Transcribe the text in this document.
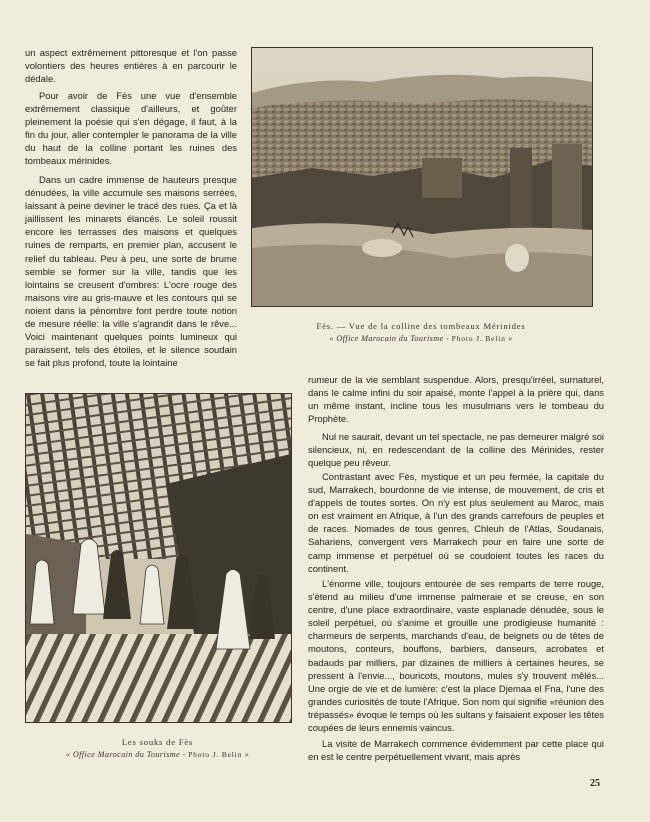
un aspect extrêmement pittoresque et l'on passe volontiers des heures entières à en parcourir le dédale.

Pour avoir de Fès une vue d'ensemble extrêmement classique d'ailleurs, et goûter pleinement la poésie qui s'en dégage, il faut, à la fin du jour, aller contempler le panorama de la ville du haut de la colline portant les ruines des tombeaux mérinides.

Dans un cadre immense de hauteurs presque dénudées, la ville accumule ses maisons serrées, laissant à peine deviner le tracé des rues. Ça et là jaillissent les minarets élancés. Le soleil roussit encore les terrasses des maisons et quelques ruines de remparts, en premier plan, accusent le relief du tableau. Peu à peu, une sorte de brume semble se former sur la ville, tandis que les lointains se creusent d'ombres: L'ocre rouge des maisons vire au gris-mauve et les contours qui se noient dans la pénombre font perdre toute notion de mesure réelle: la ville s'agrandit dans le rêve... Voici maintenant quelques points lumineux qui paraissent, tels des étoiles, et le silence soudain se fait plus profond, toute la lointaine

Fès. — Vue de la colline des tombeaux Mérinides
« Office Marocain du Tourisme - Photo J. Belin »

rumeur de la vie semblant suspendue. Alors, presqu'irréel, surnaturel, dans le calme infini du soir apaisé, monte l'appel à la prière qui, dans un même instant, incline tous les musulmans vers le tombeau du Prophète.

Nul ne saurait, devant un tel spectacle, ne pas demeurer malgré soi silencieux, ni, en redescendant de la colline des Mérinides, rester quelque peu rêveur.

Contrastant avec Fès, mystique et un peu fermée, la capitale du sud, Marrakech, bourdonne de vie intense, de mouvement, de cris et d'appels de toutes sortes. On n'y est plus seulement au Maroc, mais on est vraiment en Afrique, à l'un des grands carrefours de peuples et de races. Nomades de tous genres, Chleuh de l'Atlas, Soudanais, Sahariens, convergent vers Marrakech pour en faire une sorte de camp immense et perpétuel où se coudoient toutes les races du continent.

L'énorme ville, toujours entourée de ses remparts de terre rouge, s'étend au milieu d'une immense palmeraie et se creuse, en son centre, d'une place extraordinaire, vaste esplanade dénudée, sous le soleil perpétuel, où s'anime et grouille une prodigieuse humanité : charmeurs de serpents, marchands d'eau, de beignets ou de têtes de moutons, conteurs, bouffons, barbiers, danseurs, acrobates et badauds par milliers, par dizaines de milliers à certaines heures, se pressent à l'envie..., bouricots, moutons, mules s'y trouvent mêlés... Une orgie de vie et de lumière: c'est la place Djemaa el Fna, l'une des grandes curiosités de toute l'Afrique. Son nom qui signifie «réunion des trépassés» évoque le temps où les sultans y faisaient exposer les têtes coupées de leurs ennemis vaincus.

La visite de Marrakech commence évidemment par cette place qui en est le centre perpétuellement vivant, mais après

Les souks de Fès
« Office Marocain du Tourisme - Photo J. Belin »
25
